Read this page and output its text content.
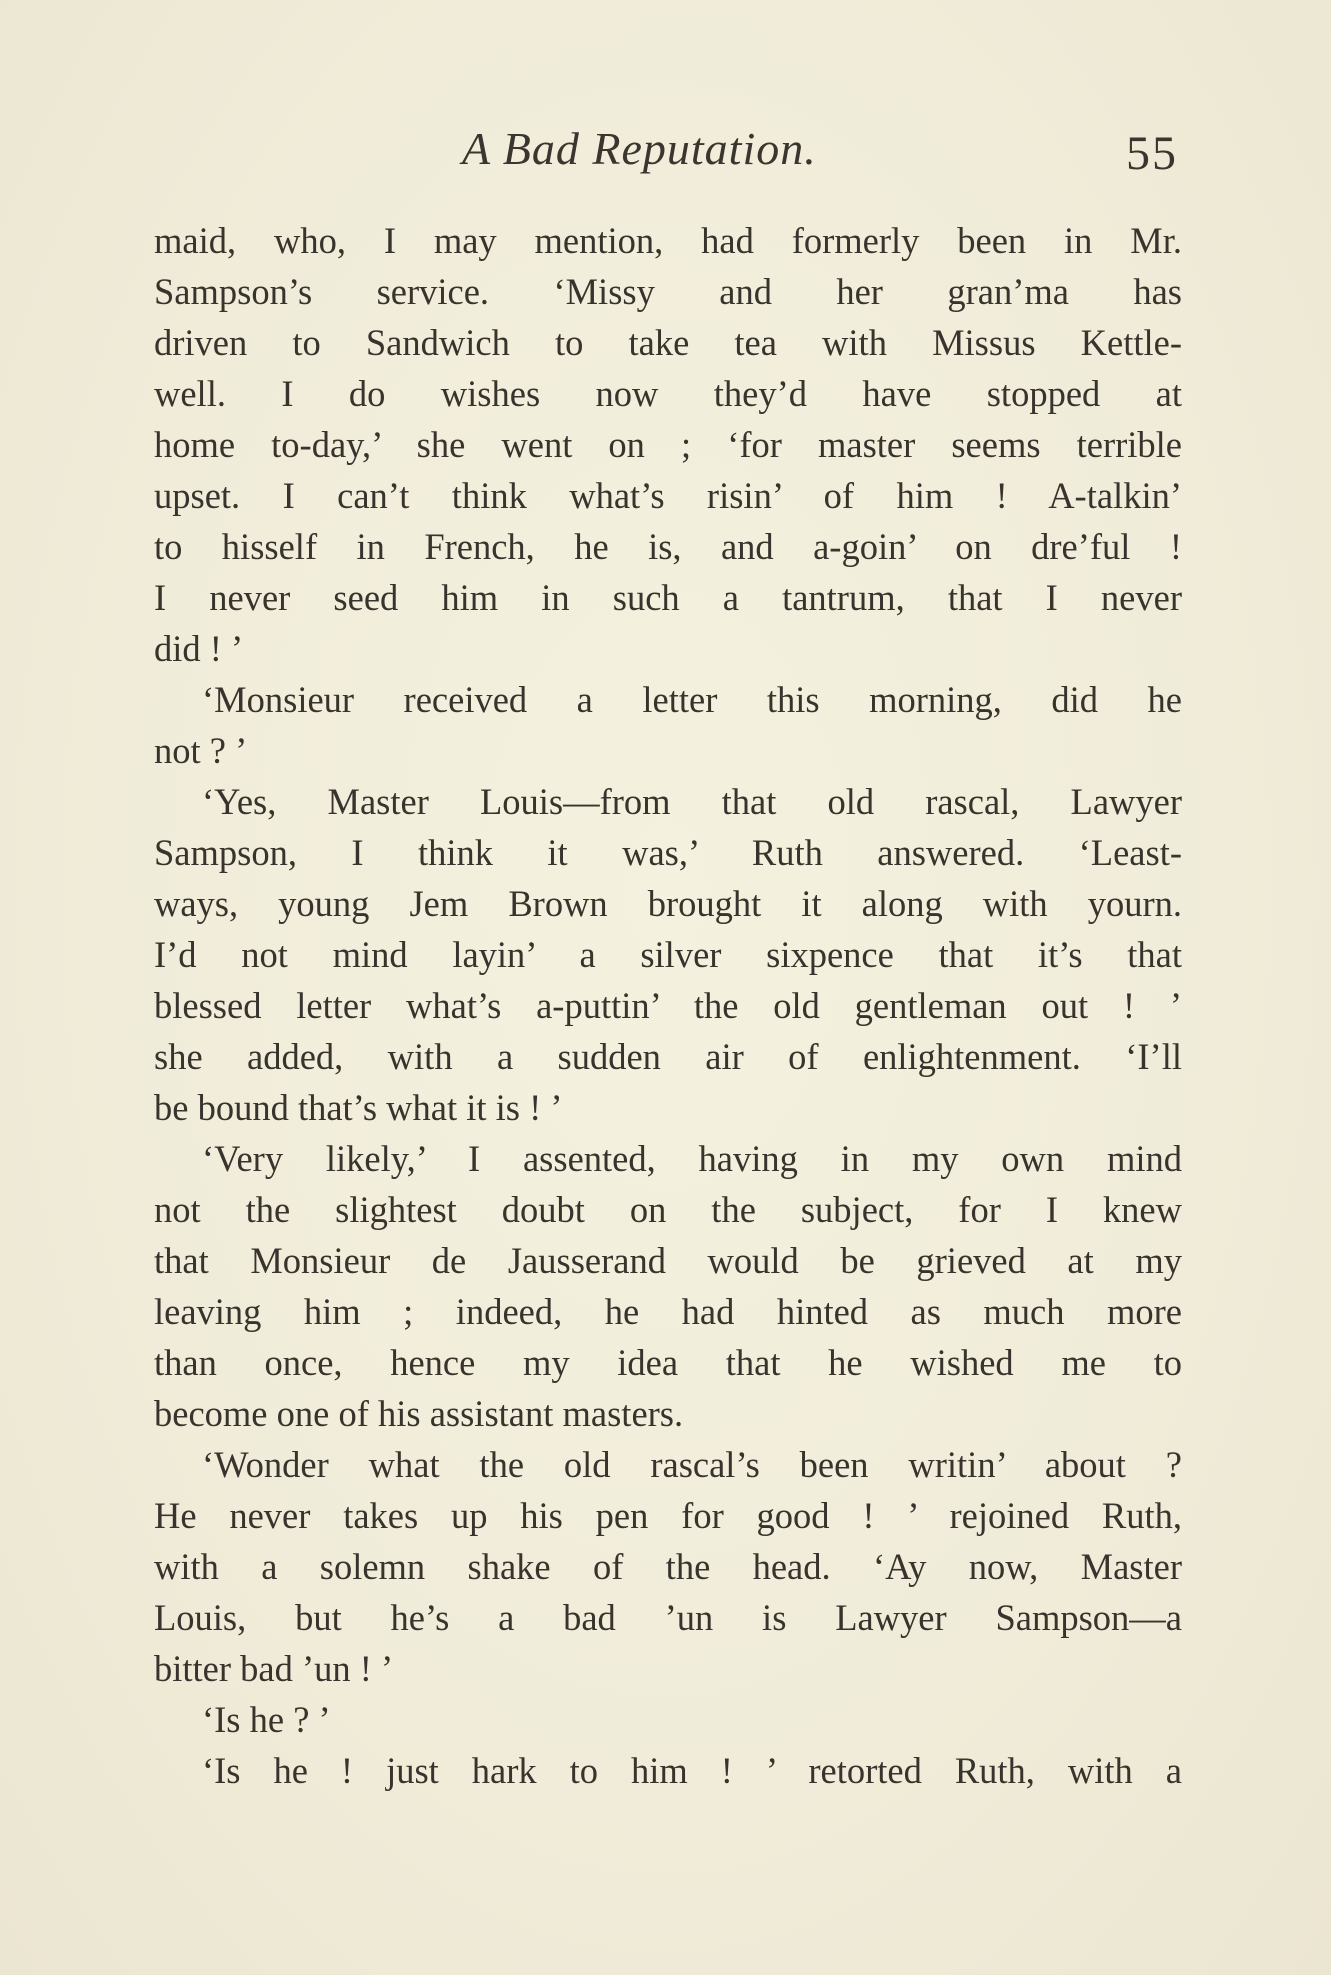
A Bad Reputation.	55
maid, who, I may mention, had formerly been in Mr.
Sampson’s service. ‘Missy and her gran’ma has
driven to Sandwich to take tea with Missus Kettle-
well. I do wishes now they’d have stopped at
home to-day,’ she went on ; ‘for master seems terrible
upset. I can’t think what’s risin’ of him ! A-talkin’
to hisself in French, he is, and a-goin’ on dre’ful !
I never seed him in such a tantrum, that I never
did ! ’
‘Monsieur received a letter this morning, did he
not ? ’
‘Yes, Master Louis—from that old rascal, Lawyer
Sampson, I think it was,’ Ruth answered. ‘Least-
ways, young Jem Brown brought it along with yourn.
I’d not mind layin’ a silver sixpence that it’s that
blessed letter what’s a-puttin’ the old gentleman out ! ’
she added, with a sudden air of enlightenment. ‘I’ll
be bound that’s what it is ! ’
‘Very likely,’ I assented, having in my own mind
not the slightest doubt on the subject, for I knew
that Monsieur de Jausserand would be grieved at my
leaving him ; indeed, he had hinted as much more
than once, hence my idea that he wished me to
become one of his assistant masters.
‘Wonder what the old rascal’s been writin’ about ?
He never takes up his pen for good ! ’ rejoined Ruth,
with a solemn shake of the head. ‘Ay now, Master
Louis, but he’s a bad ’un is Lawyer Sampson—a
bitter bad ’un ! ’
‘Is he ? ’
‘Is he ! just hark to him ! ’ retorted Ruth, with a
